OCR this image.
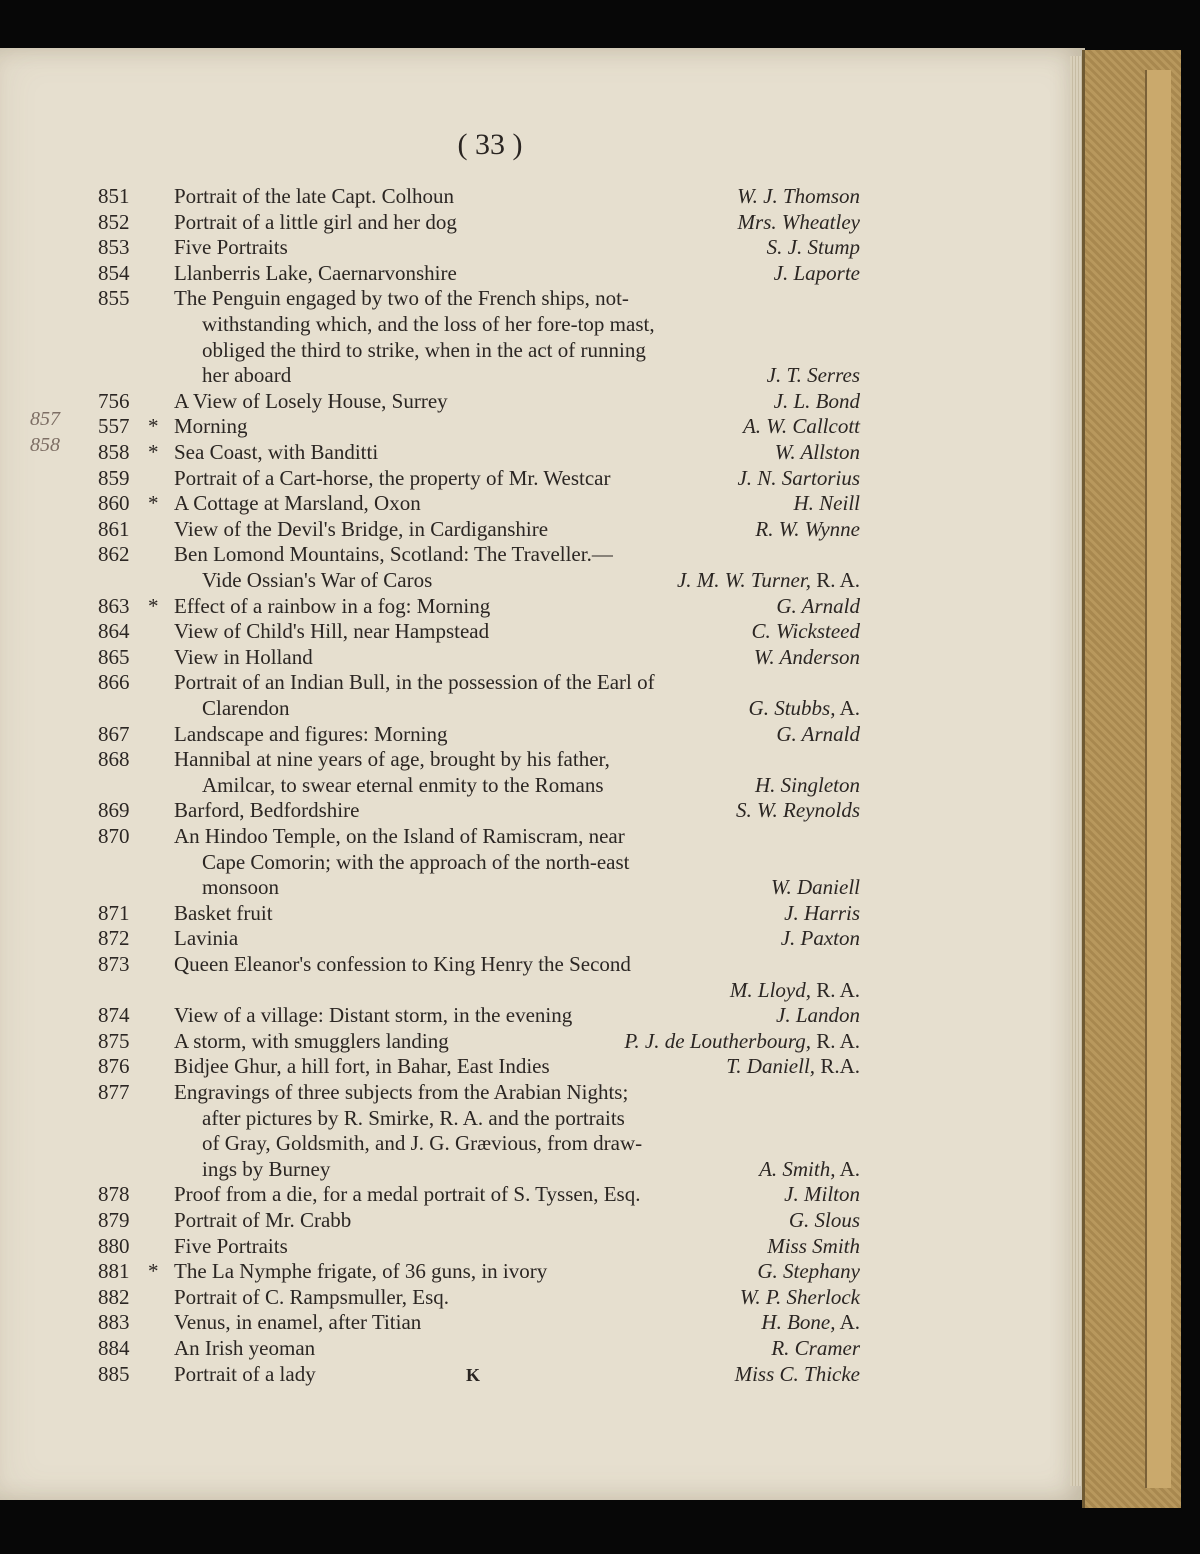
( 33 )
857
858
851	Portrait of the late Capt. Colhoun	W. J. Thomson
852	Portrait of a little girl and her dog	Mrs. Wheatley
853	Five Portraits	S. J. Stump
854	Llanberris Lake, Caernarvonshire	J. Laporte
855	The Penguin engaged by two of the French ships, not-
withstanding which, and the loss of her fore-top mast,
obliged the third to strike, when in the act of running
her aboard	J. T. Serres
756	A View of Losely House, Surrey	J. L. Bond
557 * Morning	A. W. Callcott
858 * Sea Coast, with Banditti	W. Allston
859	Portrait of a Cart-horse, the property of Mr. Westcar	J. N. Sartorius
860 * A Cottage at Marsland, Oxon	H. Neill
861	View of the Devil's Bridge, in Cardiganshire	R. W. Wynne
862	Ben Lomond Mountains, Scotland: The Traveller.—
Vide Ossian's War of Caros	J. M. W. Turner, R. A.
863 * Effect of a rainbow in a fog: Morning	G. Arnald
864	View of Child's Hill, near Hampstead	C. Wicksteed
865	View in Holland	W. Anderson
866	Portrait of an Indian Bull, in the possession of the Earl of
Clarendon	G. Stubbs, A.
867	Landscape and figures: Morning	G. Arnald
868	Hannibal at nine years of age, brought by his father,
Amilcar, to swear eternal enmity to the Romans	H. Singleton
869	Barford, Bedfordshire	S. W. Reynolds
870	An Hindoo Temple, on the Island of Ramiscram, near
Cape Comorin; with the approach of the north-east
monsoon	W. Daniell
871	Basket fruit	J. Harris
872	Lavinia	J. Paxton
873	Queen Eleanor's confession to King Henry the Second
M. Lloyd, R. A.
874	View of a village: Distant storm, in the evening	J. Landon
875	A storm, with smugglers landing	P. J. de Loutherbourg, R. A.
876	Bidjee Ghur, a hill fort, in Bahar, East Indies	T. Daniell, R.A.
877	Engravings of three subjects from the Arabian Nights;
after pictures by R. Smirke, R. A. and the portraits
of Gray, Goldsmith, and J. G. Grævious, from draw-
ings by Burney	A. Smith, A.
878	Proof from a die, for a medal portrait of S. Tyssen, Esq.	J. Milton
879	Portrait of Mr. Crabb	G. Slous
880	Five Portraits	Miss Smith
881 * The La Nymphe frigate, of 36 guns, in ivory	G. Stephany
882	Portrait of C. Rampsmuller, Esq.	W. P. Sherlock
883	Venus, in enamel, after Titian	H. Bone, A.
884	An Irish yeoman	R. Cramer
885	Portrait of a lady	Miss C. Thicke
K
